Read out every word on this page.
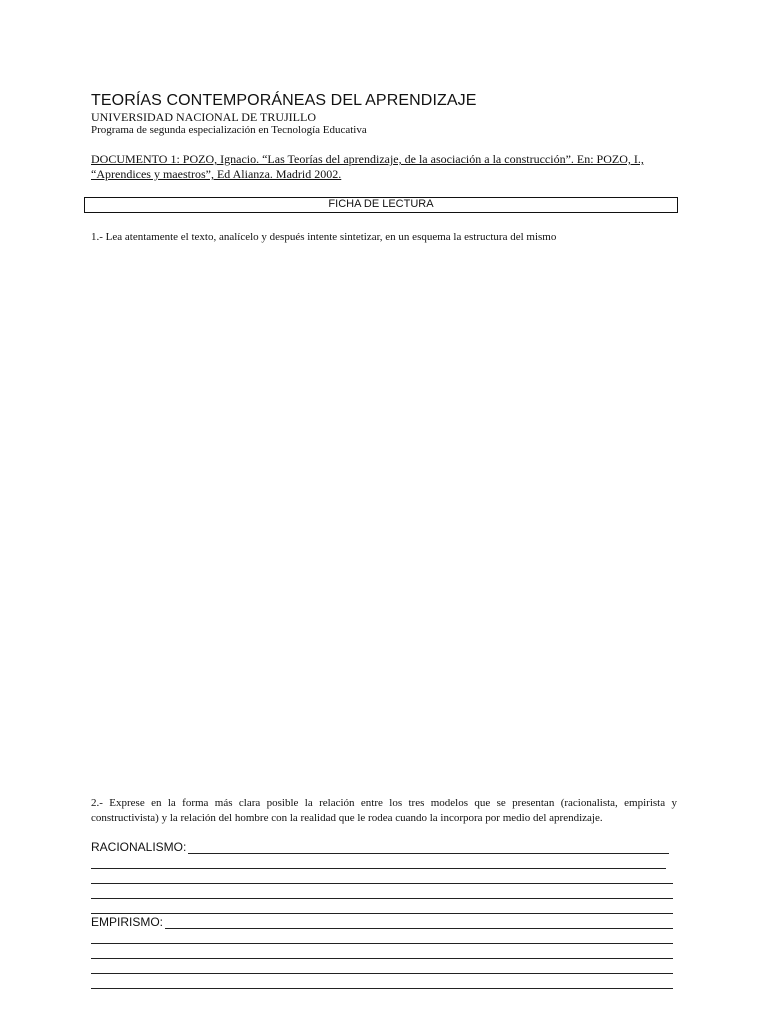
TEORÍAS CONTEMPORÁNEAS DEL APRENDIZAJE
UNIVERSIDAD NACIONAL DE TRUJILLO
Programa de segunda especialización en Tecnología Educativa
DOCUMENTO 1: POZO, Ignacio. “Las Teorías del aprendizaje, de la asociación a la construcción”. En: POZO, I., “Aprendices y maestros”, Ed Alianza. Madrid 2002.
FICHA DE LECTURA
1.- Lea atentamente el texto, analícelo y después intente sintetizar, en un esquema la estructura del mismo
2.- Exprese en la forma más clara posible la relación entre los tres modelos que se presentan (racionalista, empirista y constructivista) y la relación del hombre con la realidad que le rodea cuando la incorpora por medio del aprendizaje.
RACIONALISMO:
EMPIRISMO:
